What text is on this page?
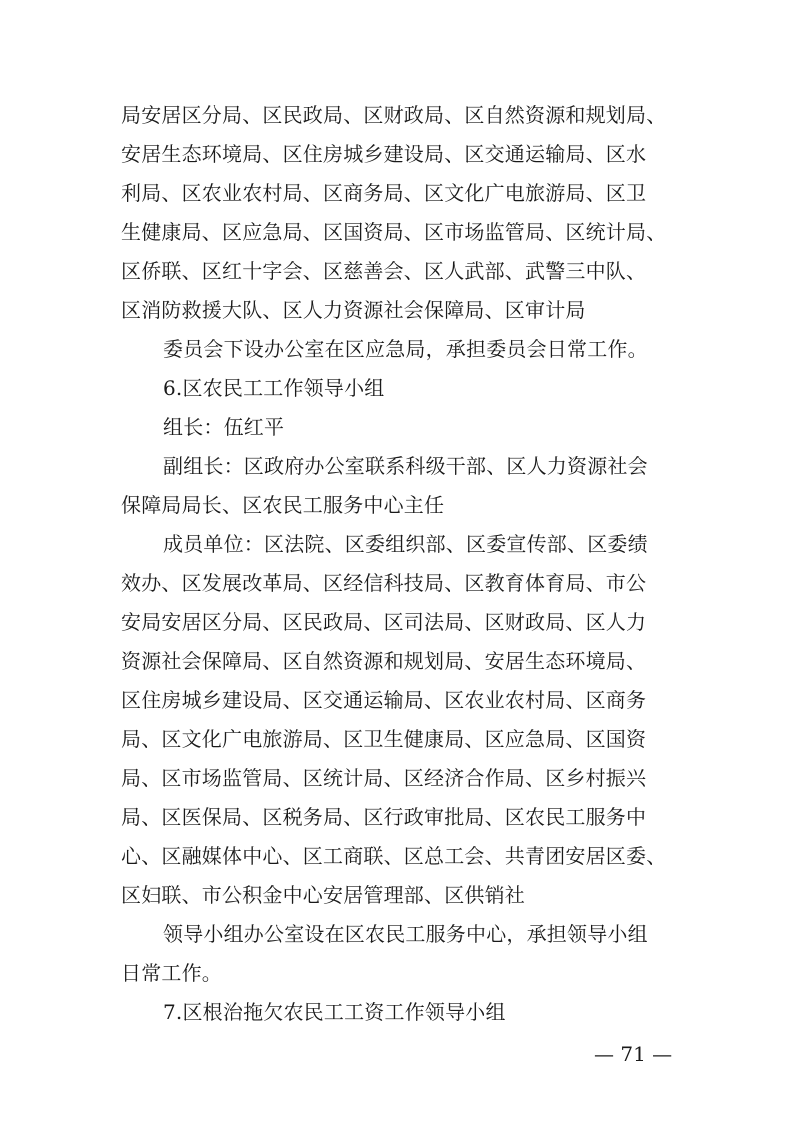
局安居区分局、区民政局、区财政局、区自然资源和规划局、
安居生态环境局、区住房城乡建设局、区交通运输局、区水
利局、区农业农村局、区商务局、区文化广电旅游局、区卫
生健康局、区应急局、区国资局、区市场监管局、区统计局、
区侨联、区红十字会、区慈善会、区人武部、武警三中队、
区消防救援大队、区人力资源社会保障局、区审计局
委员会下设办公室在区应急局，承担委员会日常工作。
6.区农民工工作领导小组
组长：伍红平
副组长：区政府办公室联系科级干部、区人力资源社会
保障局局长、区农民工服务中心主任
成员单位：区法院、区委组织部、区委宣传部、区委绩
效办、区发展改革局、区经信科技局、区教育体育局、市公
安局安居区分局、区民政局、区司法局、区财政局、区人力
资源社会保障局、区自然资源和规划局、安居生态环境局、
区住房城乡建设局、区交通运输局、区农业农村局、区商务
局、区文化广电旅游局、区卫生健康局、区应急局、区国资
局、区市场监管局、区统计局、区经济合作局、区乡村振兴
局、区医保局、区税务局、区行政审批局、区农民工服务中
心、区融媒体中心、区工商联、区总工会、共青团安居区委、
区妇联、市公积金中心安居管理部、区供销社
领导小组办公室设在区农民工服务中心，承担领导小组
日常工作。
7.区根治拖欠农民工工资工作领导小组
— 71 —
